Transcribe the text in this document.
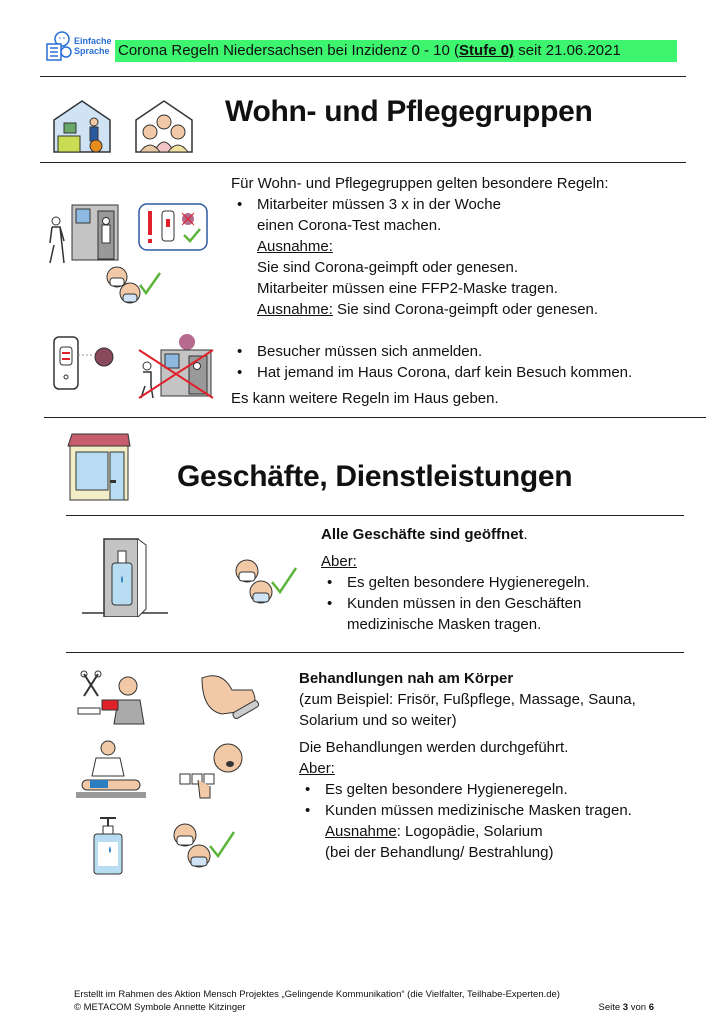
Einfache
Sprache Corona Regeln Niedersachsen bei Inzidenz 0 - 10 (Stufe 0) seit 21.06.2021
Wohn- und Pflegegruppen
Für Wohn- und Pflegegruppen gelten besondere Regeln:
• Mitarbeiter müssen 3 x in der Woche
einen Corona-Test machen.
Ausnahme:
Sie sind Corona-geimpft oder genesen.
Mitarbeiter müssen eine FFP2-Maske tragen.
Ausnahme: Sie sind Corona-geimpft oder genesen.
• Besucher müssen sich anmelden.
• Hat jemand im Haus Corona, darf kein Besuch kommen.
Es kann weitere Regeln im Haus geben.
Geschäfte, Dienstleistungen
Alle Geschäfte sind geöffnet.
Aber:
• Es gelten besondere Hygieneregeln.
• Kunden müssen in den Geschäften
medizinische Masken tragen.
Behandlungen nah am Körper
(zum Beispiel: Frisör, Fußpflege, Massage, Sauna,
Solarium und so weiter)
Die Behandlungen werden durchgeführt.
Aber:
• Es gelten besondere Hygieneregeln.
• Kunden müssen medizinische Masken tragen.
Ausnahme: Logopädie, Solarium
(bei der Behandlung/ Bestrahlung)
Erstellt im Rahmen des Aktion Mensch Projektes „Gelingende Kommunikation“ (die Vielfalter, Teilhabe-Experten.de)
© METACOM Symbole Annette Kitzinger	Seite 3 von 6
